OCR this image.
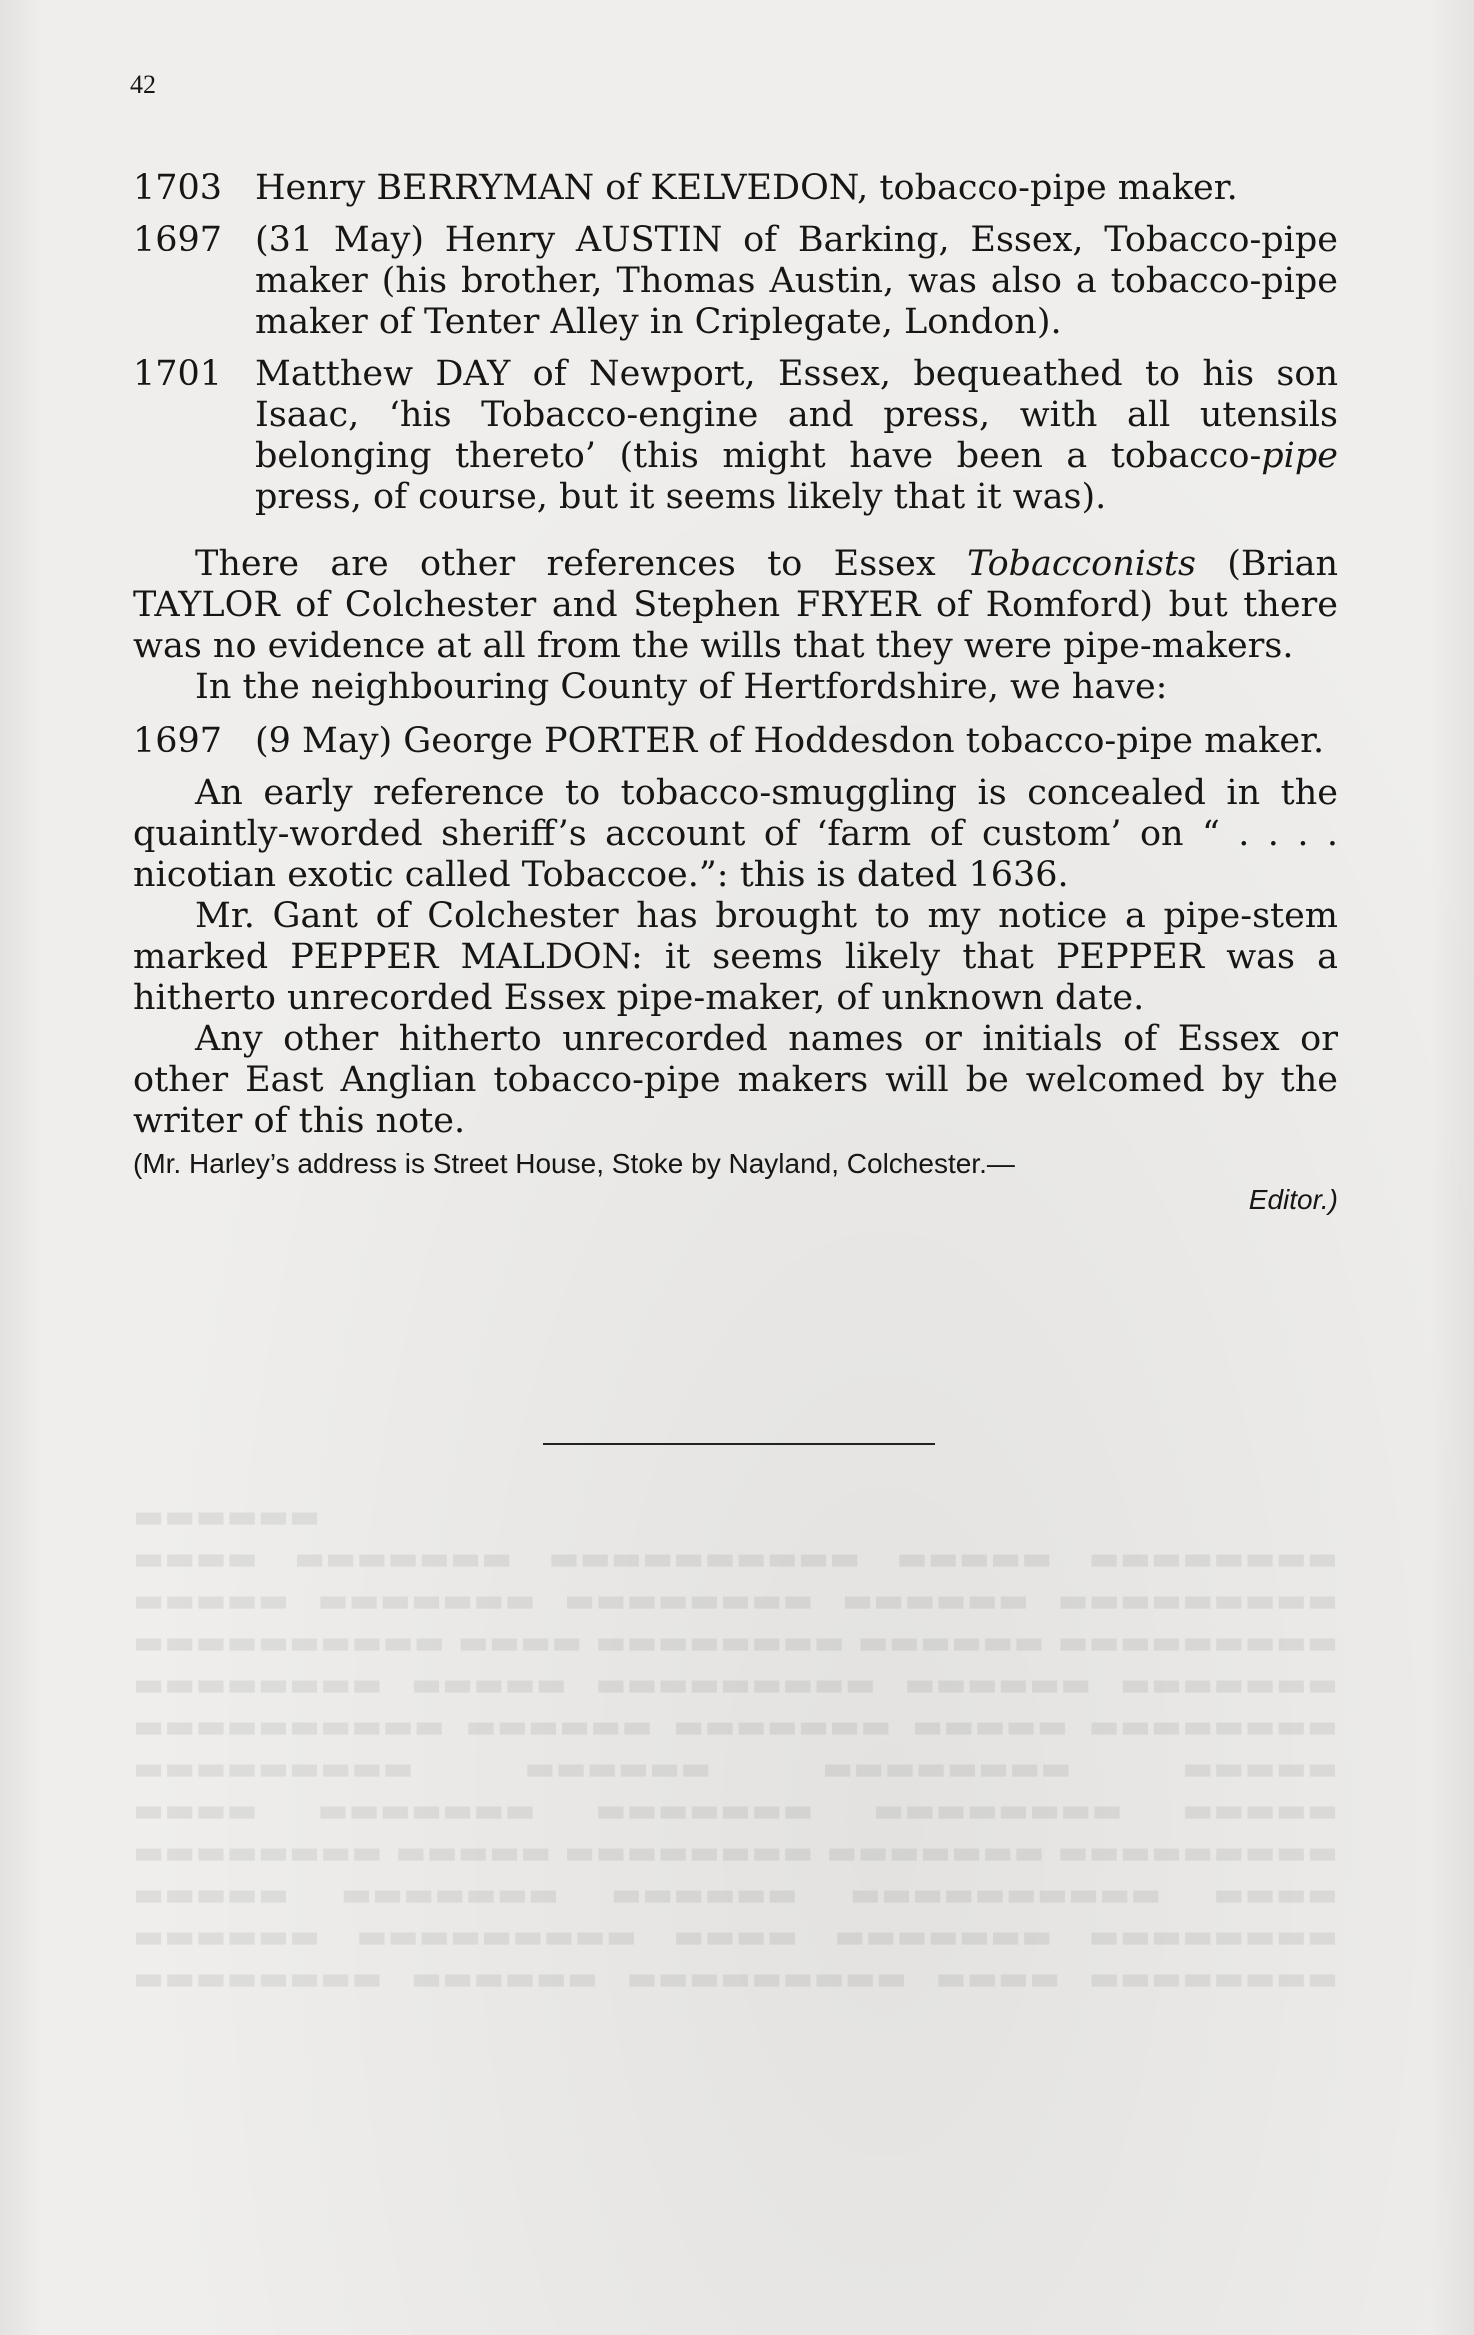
42
1703 Henry BERRYMAN of KELVEDON, tobacco-pipe maker.
1697 (31 May) Henry AUSTIN of Barking, Essex, Tobacco-pipe maker (his brother, Thomas Austin, was also a tobacco-pipe maker of Tenter Alley in Criplegate, London).
1701 Matthew DAY of Newport, Essex, bequeathed to his son Isaac, ‘his Tobacco-engine and press, with all utensils belonging thereto’ (this might have been a tobacco-pipe press, of course, but it seems likely that it was).

There are other references to Essex Tobacconists (Brian TAYLOR of Colchester and Stephen FRYER of Romford) but there was no evidence at all from the wills that they were pipe-makers.

In the neighbouring County of Hertfordshire, we have:

1697 (9 May) George PORTER of Hoddesdon tobacco-pipe maker.

An early reference to tobacco-smuggling is concealed in the quaintly-worded sheriff’s account of ‘farm of custom’ on “ . . . . nicotian exotic called Tobaccoe.”: this is dated 1636.

Mr. Gant of Colchester has brought to my notice a pipe-stem marked PEPPER MALDON: it seems likely that PEPPER was a hitherto unrecorded Essex pipe-maker, of unknown date.

Any other hitherto unrecorded names or initials of Essex or other East Anglian tobacco-pipe makers will be welcomed by the writer of this note.

(Mr. Harley’s address is Street House, Stoke by Nayland, Colchester.—
Editor.)
▬▬▬▬▬▬▬▬ ▬▬▬▬▬▬ ▬▬▬▬▬▬▬▬▬ ▬▬▬▬ ▬▬▬▬▬▬▬▬ ▬▬▬▬▬▬ ▬▬▬▬▬▬▬▬▬ ▬▬▬▬ ▬▬▬▬▬▬▬ ▬▬▬▬▬▬▬▬ ▬▬▬▬▬ ▬▬▬▬▬▬▬ ▬▬▬▬▬▬ ▬▬▬▬▬▬▬▬▬▬ ▬▬▬▬ ▬▬▬▬▬▬▬▬ ▬▬▬▬▬ ▬▬▬▬▬▬▬▬ ▬▬▬▬▬▬▬ ▬▬▬▬▬▬▬▬▬ ▬▬▬▬ ▬▬▬▬▬▬▬ ▬▬▬▬▬▬▬ ▬▬▬▬▬▬▬▬ ▬▬▬▬▬ ▬▬▬▬▬▬▬▬▬ ▬▬▬▬▬▬ ▬▬▬▬▬▬▬▬ ▬▬▬▬▬ ▬▬▬▬▬▬▬▬▬▬ ▬▬▬▬▬▬ ▬▬▬▬▬▬▬ ▬▬▬▬▬ ▬▬▬▬▬▬▬▬ ▬▬▬▬▬▬▬▬ ▬▬▬▬▬ ▬▬▬▬▬▬▬▬▬ ▬▬▬▬▬▬ ▬▬▬▬▬▬▬ ▬▬▬▬▬▬▬▬▬▬ ▬▬▬▬ ▬▬▬▬▬▬▬▬ ▬▬▬▬▬▬ ▬▬▬▬▬▬▬▬▬ ▬▬▬▬▬ ▬▬▬▬▬▬▬ ▬▬▬▬▬▬▬▬ ▬▬▬▬▬▬ ▬▬▬▬▬▬▬▬▬ ▬▬▬▬ ▬▬▬▬▬▬▬ ▬▬▬▬▬▬▬▬▬▬ ▬▬▬▬▬ ▬▬▬▬▬▬▬▬ ▬▬▬▬▬▬
